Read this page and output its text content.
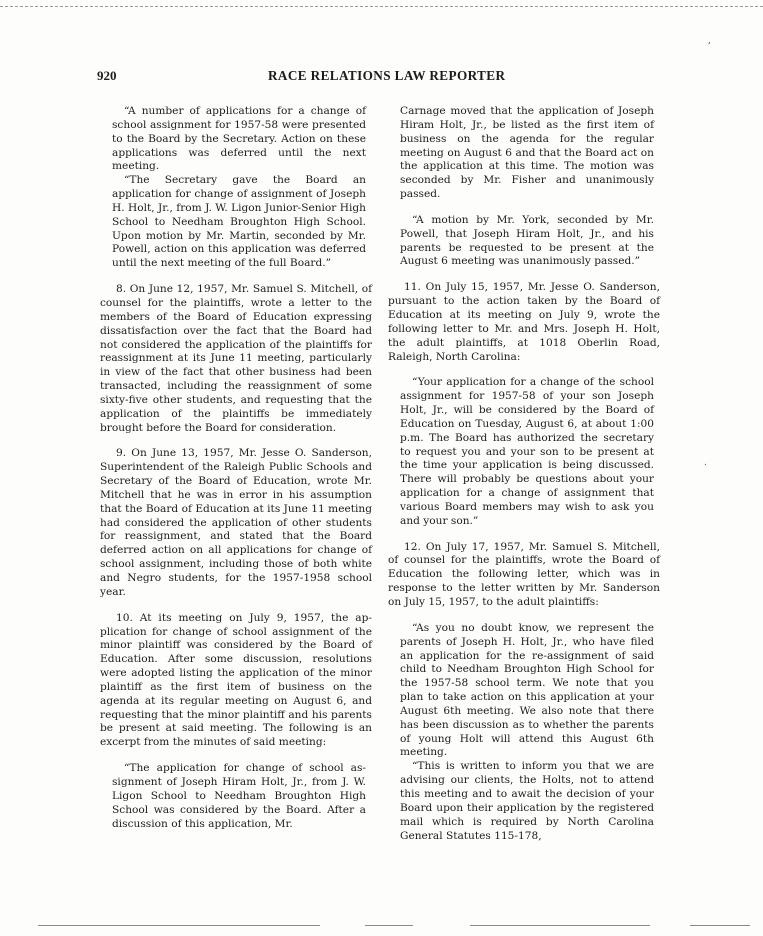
,
920	RACE RELATIONS LAW REPORTER

“A number of applications for a change of school assignment for 1957-58 were presented to the Board by the Secretary. Action on these applications was deferred until the next meeting.

“The Secretary gave the Board an application for change of assignment of Joseph H. Holt, Jr., from J. W. Ligon Junior-Senior High School to Needham Broughton High School. Upon motion by Mr. Martin, seconded by Mr. Powell, action on this application was deferred until the next meeting of the full Board.”

8. On June 12, 1957, Mr. Samuel S. Mitchell, of counsel for the plaintiffs, wrote a letter to the members of the Board of Education expressing dissatisfaction over the fact that the Board had not considered the application of the plaintiffs for reassignment at its June 11 meeting, particularly in view of the fact that other business had been transacted, including the reassignment of some sixty-five other students, and requesting that the application of the plaintiffs be immediately brought before the Board for consideration.

9. On June 13, 1957, Mr. Jesse O. Sanderson, Superintendent of the Raleigh Public Schools and Secretary of the Board of Education, wrote Mr. Mitchell that he was in error in his assumption that the Board of Education at its June 11 meeting had considered the application of other students for reassignment, and stated that the Board deferred action on all applications for change of school assignment, including those of both white and Negro students, for the 1957-1958 school year.

10. At its meeting on July 9, 1957, the application for change of school assignment of the minor plaintiff was considered by the Board of Education. After some discussion, resolutions were adopted listing the application of the minor plaintiff as the first item of business on the agenda at its regular meeting on August 6, and requesting that the minor plaintiff and his parents be present at said meeting. The following is an excerpt from the minutes of said meeting:

“The application for change of school assignment of Joseph Hiram Holt, Jr., from J. W. Ligon School to Needham Broughton High School was considered by the Board. After a discussion of this application, Mr.

Carnage moved that the application of Joseph Hiram Holt, Jr., be listed as the first item of business on the agenda for the regular meeting on August 6 and that the Board act on the application at this time. The motion was seconded by Mr. Fisher and unanimously passed.

“A motion by Mr. York, seconded by Mr. Powell, that Joseph Hiram Holt, Jr., and his parents be requested to be present at the August 6 meeting was unanimously passed.”

11. On July 15, 1957, Mr. Jesse O. Sanderson, pursuant to the action taken by the Board of Education at its meeting on July 9, wrote the following letter to Mr. and Mrs. Joseph H. Holt, the adult plaintiffs, at 1018 Oberlin Road, Raleigh, North Carolina:

“Your application for a change of the school assignment for 1957-58 of your son Joseph Holt, Jr., will be considered by the Board of Education on Tuesday, August 6, at about 1:00 p.m. The Board has authorized the secretary to request you and your son to be present at the time your application is being discussed. There will probably be questions about your application for a change of assignment that various Board members may wish to ask you and your son.”

12. On July 17, 1957, Mr. Samuel S. Mitchell, of counsel for the plaintiffs, wrote the Board of Education the following letter, which was in response to the letter written by Mr. Sanderson on July 15, 1957, to the adult plaintiffs:

“As you no doubt know, we represent the parents of Joseph H. Holt, Jr., who have filed an application for the re-assignment of said child to Needham Broughton High School for the 1957-58 school term. We note that you plan to take action on this application at your August 6th meeting. We also note that there has been discussion as to whether the parents of young Holt will attend this August 6th meeting.

“This is written to inform you that we are advising our clients, the Holts, not to attend this meeting and to await the decision of your Board upon their application by the registered mail which is required by North Carolina General Statutes 115-178,

.
